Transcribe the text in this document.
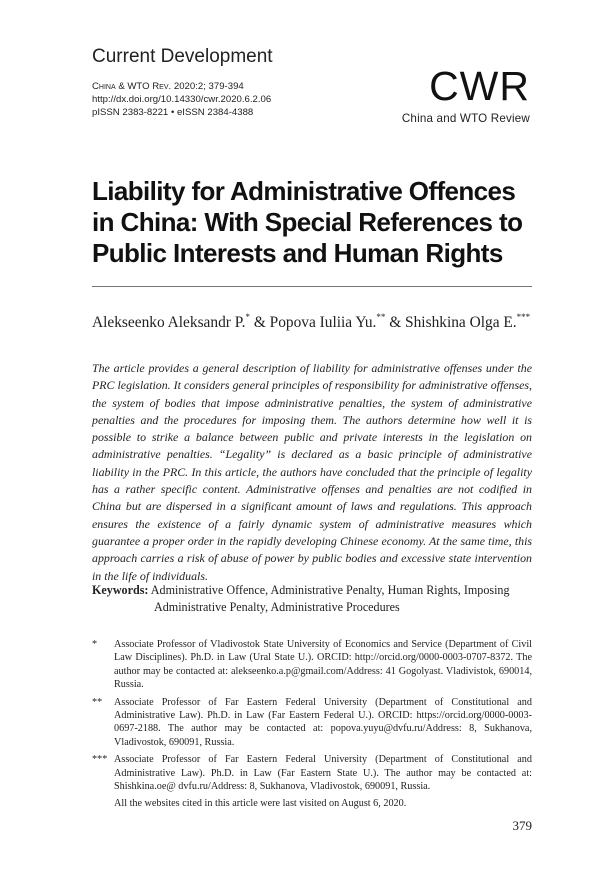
Current Development
China & WTO Rev. 2020:2; 379-394
http://dx.doi.org/10.14330/cwr.2020.6.2.06
pISSN 2383-8221 • eISSN 2384-4388
CWR
China and WTO Review
Liability for Administrative Offences
in China: With Special References to
Public Interests and Human Rights
Alekseenko Aleksandr P.* & Popova Iuliia Yu.** & Shishkina Olga E.***
The article provides a general description of liability for administrative offenses under the PRC legislation. It considers general principles of responsibility for administrative offenses, the system of bodies that impose administrative penalties, the system of administrative penalties and the procedures for imposing them. The authors determine how well it is possible to strike a balance between public and private interests in the legislation on administrative penalties. “Legality” is declared as a basic principle of administrative liability in the PRC. In this article, the authors have concluded that the principle of legality has a rather specific content. Administrative offenses and penalties are not codified in China but are dispersed in a significant amount of laws and regulations. This approach ensures the existence of a fairly dynamic system of administrative measures which guarantee a proper order in the rapidly developing Chinese economy. At the same time, this approach carries a risk of abuse of power by public bodies and excessive state intervention in the life of individuals.
Keywords: Administrative Offence, Administrative Penalty, Human Rights, Imposing
Administrative Penalty, Administrative Procedures
*	Associate Professor of Vladivostok State University of Economics and Service (Department of Civil Law Disciplines). Ph.D. in Law (Ural State U.). ORCID: http://orcid.org/0000-0003-0707-8372. The author may be contacted at: alekseenko.a.p@gmail.com/Address: 41 Gogolyast. Vladivistok, 690014, Russia.
**	Associate Professor of Far Eastern Federal University (Department of Constitutional and Administrative Law). Ph.D. in Law (Far Eastern Federal U.). ORCID: https://orcid.org/0000-0003-0697-2188. The author may be contacted at: popova.yuyu@dvfu.ru/Address: 8, Sukhanova, Vladivostok, 690091, Russia.
*** Associate Professor of Far Eastern Federal University (Department of Constitutional and Administrative Law). Ph.D. in Law (Far Eastern State U.). The author may be contacted at: Shishkina.oe@ dvfu.ru/Address: 8, Sukhanova, Vladivostok, 690091, Russia.
All the websites cited in this article were last visited on August 6, 2020.
379
